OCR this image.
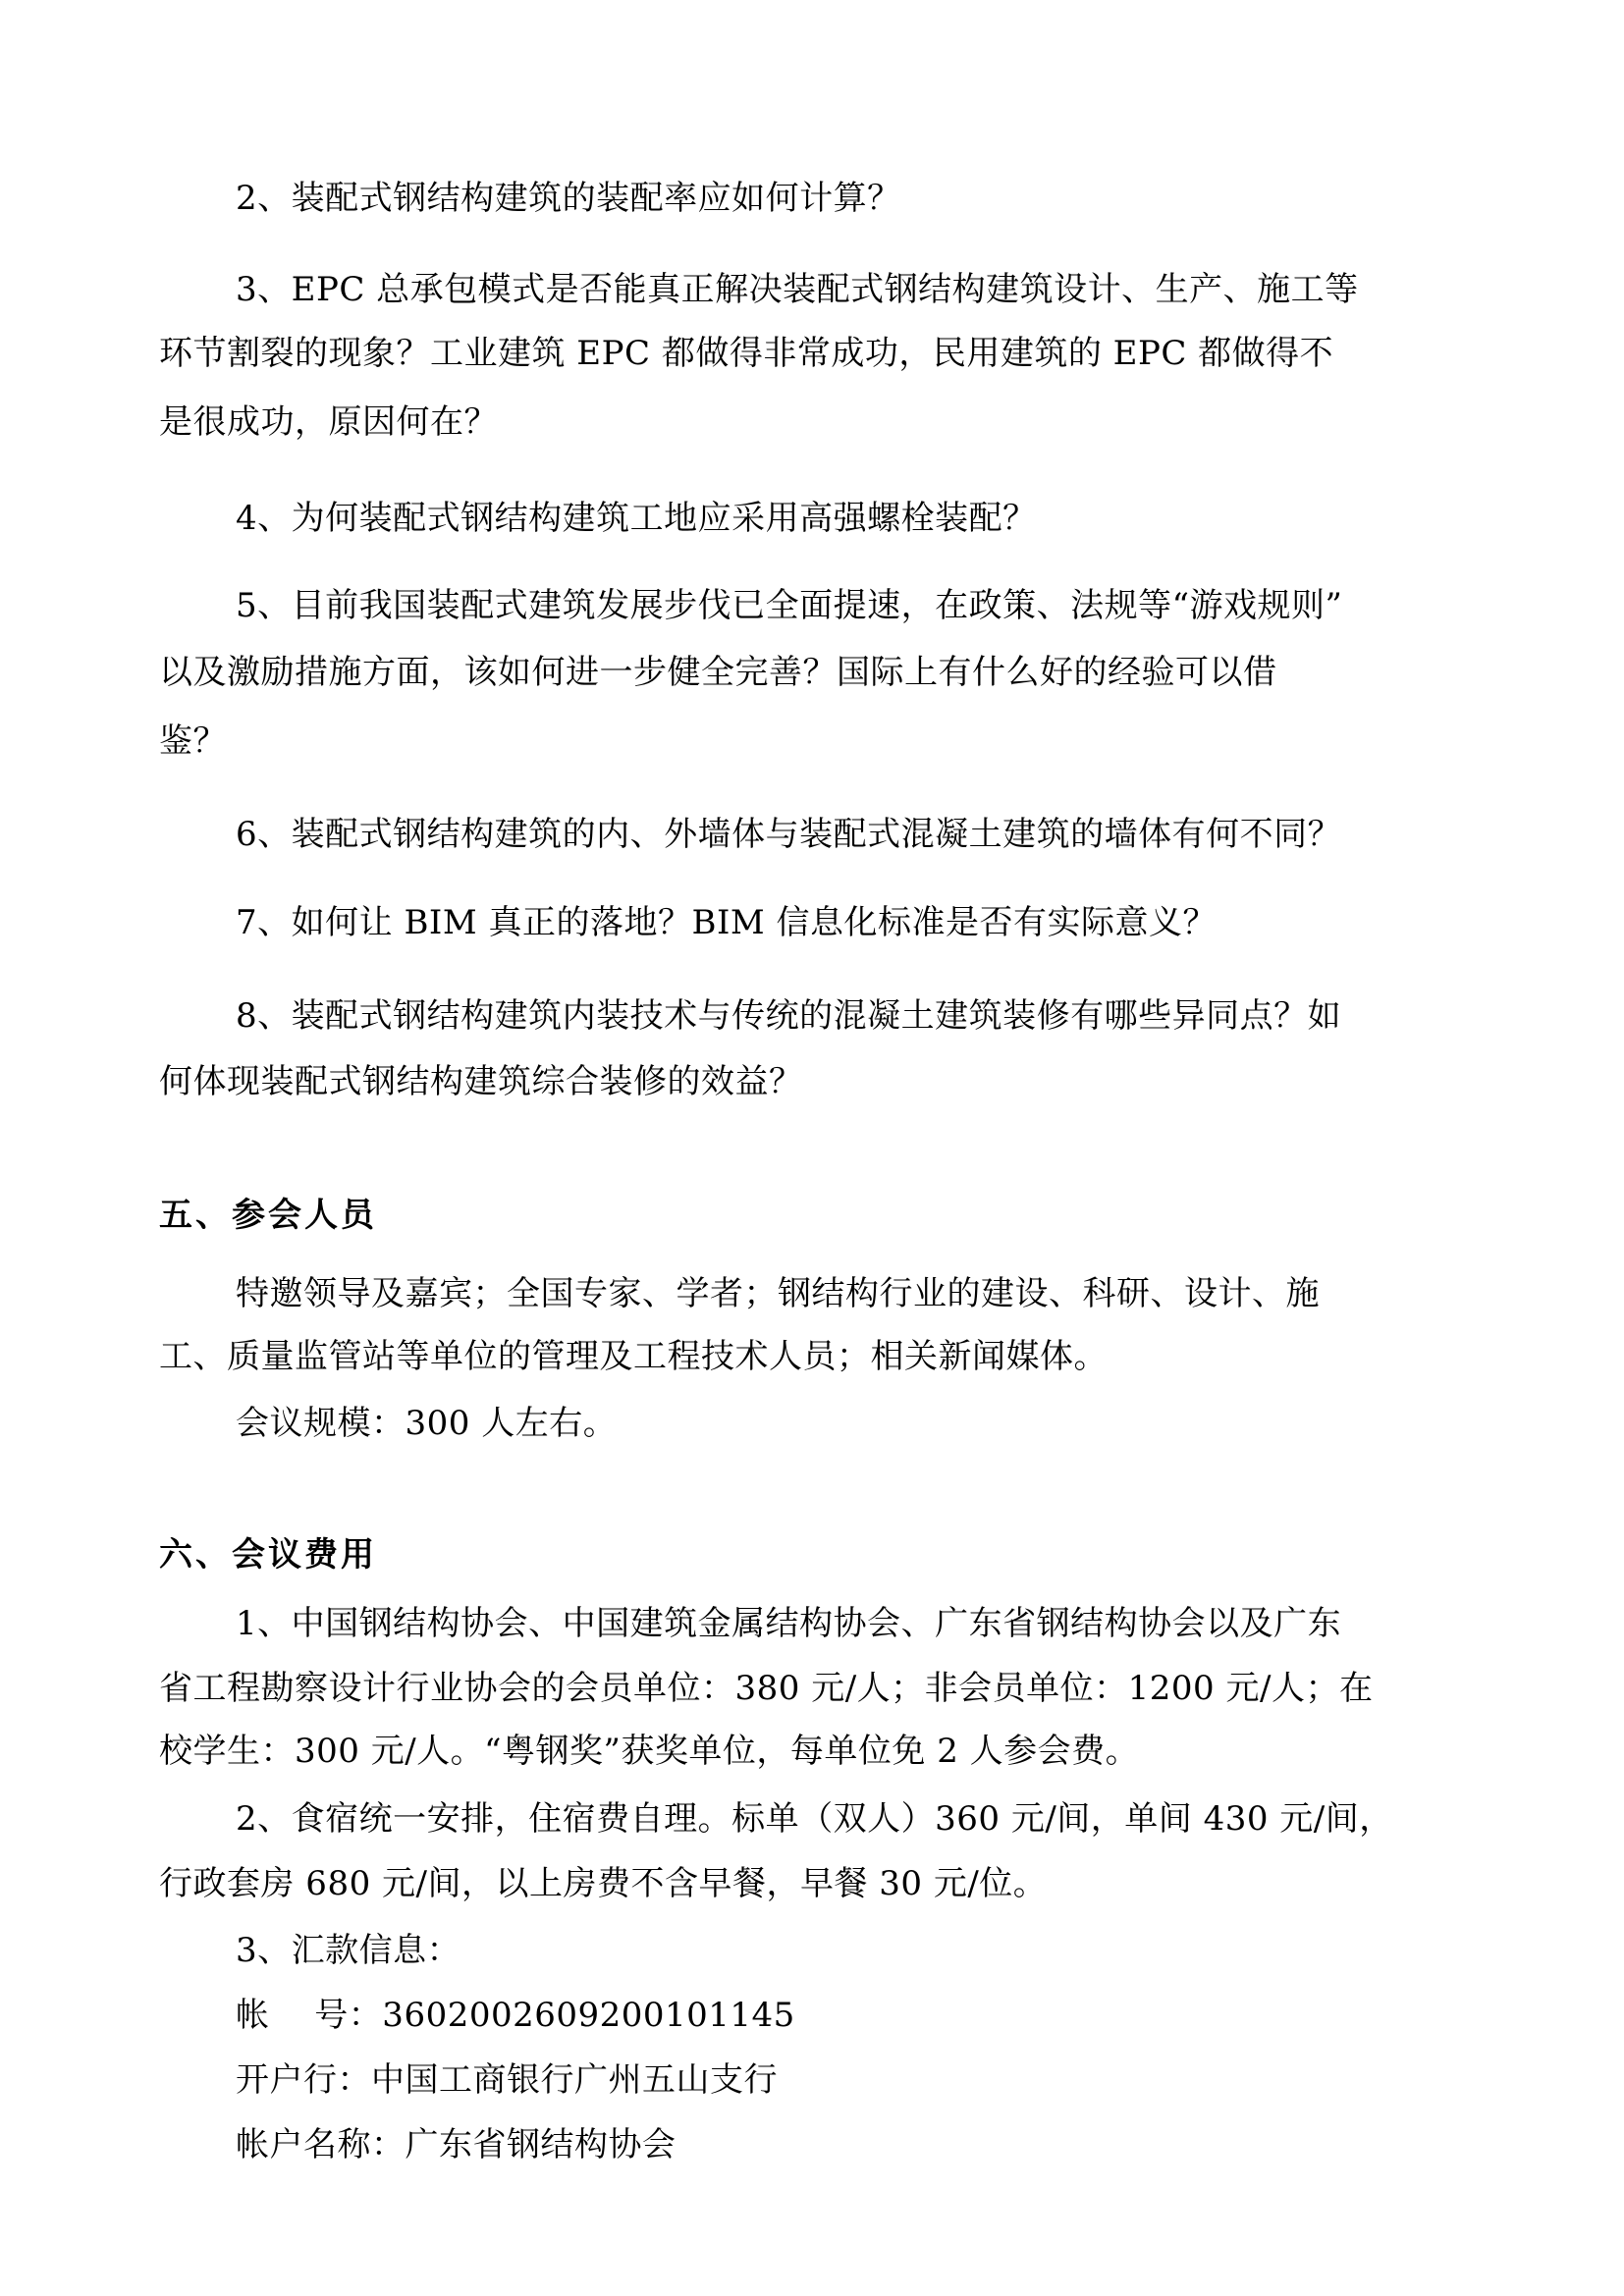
2、装配式钢结构建筑的装配率应如何计算？
3、EPC 总承包模式是否能真正解决装配式钢结构建筑设计、生产、施工等
环节割裂的现象？工业建筑 EPC 都做得非常成功，民用建筑的 EPC 都做得不
是很成功，原因何在？
4、为何装配式钢结构建筑工地应采用高强螺栓装配？
5、目前我国装配式建筑发展步伐已全面提速，在政策、法规等“游戏规则”
以及激励措施方面，该如何进一步健全完善？国际上有什么好的经验可以借
鉴？
6、装配式钢结构建筑的内、外墙体与装配式混凝土建筑的墙体有何不同？
7、如何让 BIM 真正的落地？BIM 信息化标准是否有实际意义？
8、装配式钢结构建筑内装技术与传统的混凝土建筑装修有哪些异同点？如
何体现装配式钢结构建筑综合装修的效益？
五、参会人员
特邀领导及嘉宾；全国专家、学者；钢结构行业的建设、科研、设计、施
工、质量监管站等单位的管理及工程技术人员；相关新闻媒体。
会议规模：300 人左右。
六、会议费用
1、中国钢结构协会、中国建筑金属结构协会、广东省钢结构协会以及广东
省工程勘察设计行业协会的会员单位：380 元/人；非会员单位：1200 元/人；在
校学生：300 元/人。“粤钢奖”获奖单位，每单位免 2 人参会费。
2、食宿统一安排，住宿费自理。标单（双人）360 元/间，单间 430 元/间，
行政套房 680 元/间，以上房费不含早餐，早餐 30 元/位。
3、汇款信息：
帐　 号：3602002609200101145
开户行：中国工商银行广州五山支行
帐户名称：广东省钢结构协会
